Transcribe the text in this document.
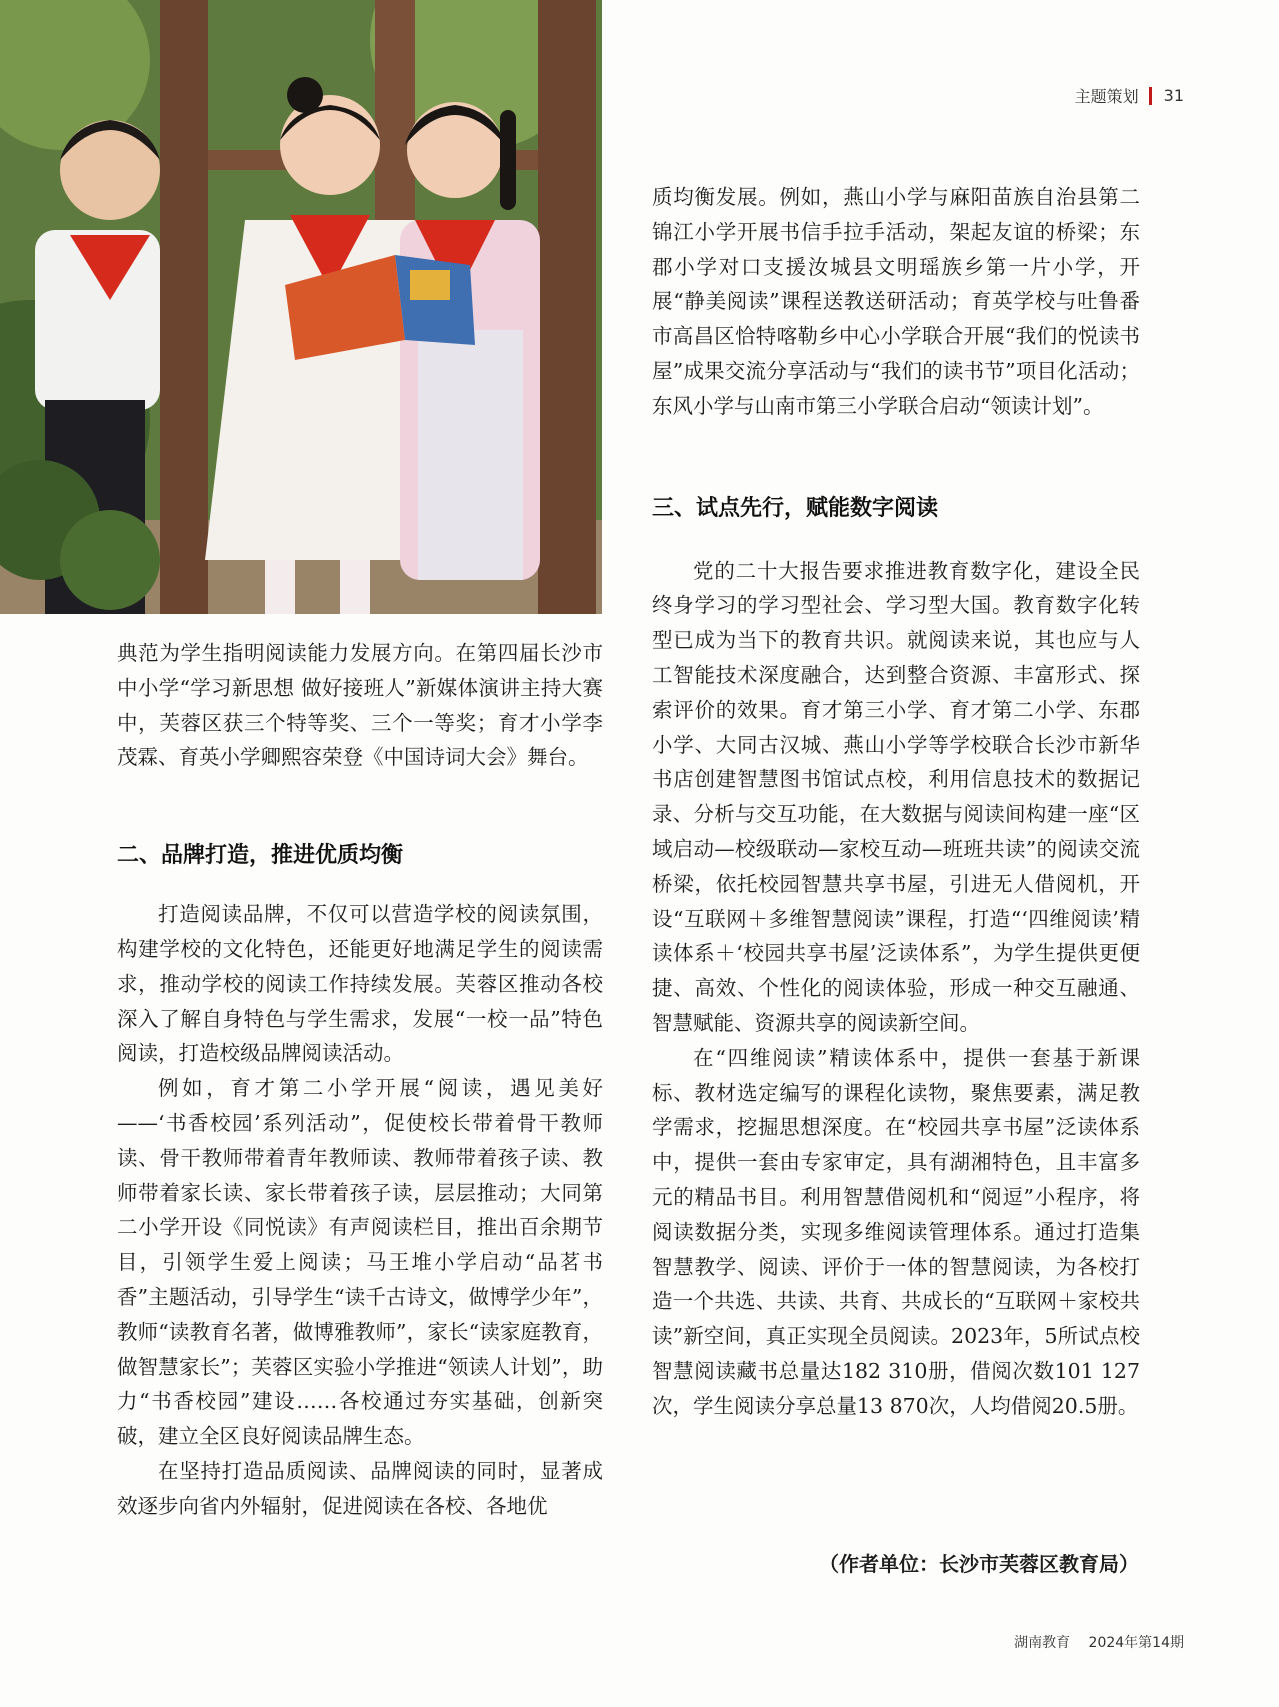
主题策划 31

典范为学生指明阅读能力发展方向。在第四届长沙市中小学“学习新思想 做好接班人”新媒体演讲主持大赛中，芙蓉区获三个特等奖、三个一等奖；育才小学李茂霖、育英小学卿熙容荣登《中国诗词大会》舞台。

二、品牌打造，推进优质均衡

打造阅读品牌，不仅可以营造学校的阅读氛围，构建学校的文化特色，还能更好地满足学生的阅读需求，推动学校的阅读工作持续发展。芙蓉区推动各校深入了解自身特色与学生需求，发展“一校一品”特色阅读，打造校级品牌阅读活动。

例如，育才第二小学开展“阅读，遇见美好——‘书香校园’系列活动”，促使校长带着骨干教师读、骨干教师带着青年教师读、教师带着孩子读、教师带着家长读、家长带着孩子读，层层推动；大同第二小学开设《同悦读》有声阅读栏目，推出百余期节目，引领学生爱上阅读；马王堆小学启动“品茗书香”主题活动，引导学生“读千古诗文，做博学少年”，教师“读教育名著，做博雅教师”，家长“读家庭教育，做智慧家长”；芙蓉区实验小学推进“领读人计划”，助力“书香校园”建设……各校通过夯实基础，创新突破，建立全区良好阅读品牌生态。

在坚持打造品质阅读、品牌阅读的同时，显著成效逐步向省内外辐射，促进阅读在各校、各地优

质均衡发展。例如，燕山小学与麻阳苗族自治县第二锦江小学开展书信手拉手活动，架起友谊的桥梁；东郡小学对口支援汝城县文明瑶族乡第一片小学，开展“静美阅读”课程送教送研活动；育英学校与吐鲁番市高昌区恰特喀勒乡中心小学联合开展“我们的悦读书屋”成果交流分享活动与“我们的读书节”项目化活动；东风小学与山南市第三小学联合启动“领读计划”。

三、试点先行，赋能数字阅读

党的二十大报告要求推进教育数字化，建设全民终身学习的学习型社会、学习型大国。教育数字化转型已成为当下的教育共识。就阅读来说，其也应与人工智能技术深度融合，达到整合资源、丰富形式、探索评价的效果。育才第三小学、育才第二小学、东郡小学、大同古汉城、燕山小学等学校联合长沙市新华书店创建智慧图书馆试点校，利用信息技术的数据记录、分析与交互功能，在大数据与阅读间构建一座“区域启动—校级联动—家校互动—班班共读”的阅读交流桥梁，依托校园智慧共享书屋，引进无人借阅机，开设“互联网＋多维智慧阅读”课程，打造“‘四维阅读’精读体系＋‘校园共享书屋’泛读体系”，为学生提供更便捷、高效、个性化的阅读体验，形成一种交互融通、智慧赋能、资源共享的阅读新空间。

在“四维阅读”精读体系中，提供一套基于新课标、教材选定编写的课程化读物，聚焦要素，满足教学需求，挖掘思想深度。在“校园共享书屋”泛读体系中，提供一套由专家审定，具有湖湘特色，且丰富多元的精品书目。利用智慧借阅机和“阅逗”小程序，将阅读数据分类，实现多维阅读管理体系。通过打造集智慧教学、阅读、评价于一体的智慧阅读，为各校打造一个共选、共读、共育、共成长的“互联网＋家校共读”新空间，真正实现全员阅读。2023年，5所试点校智慧阅读藏书总量达182 310册，借阅次数101 127次，学生阅读分享总量13 870次，人均借阅20.5册。

（作者单位：长沙市芙蓉区教育局）
湖南教育 2024年第14期
